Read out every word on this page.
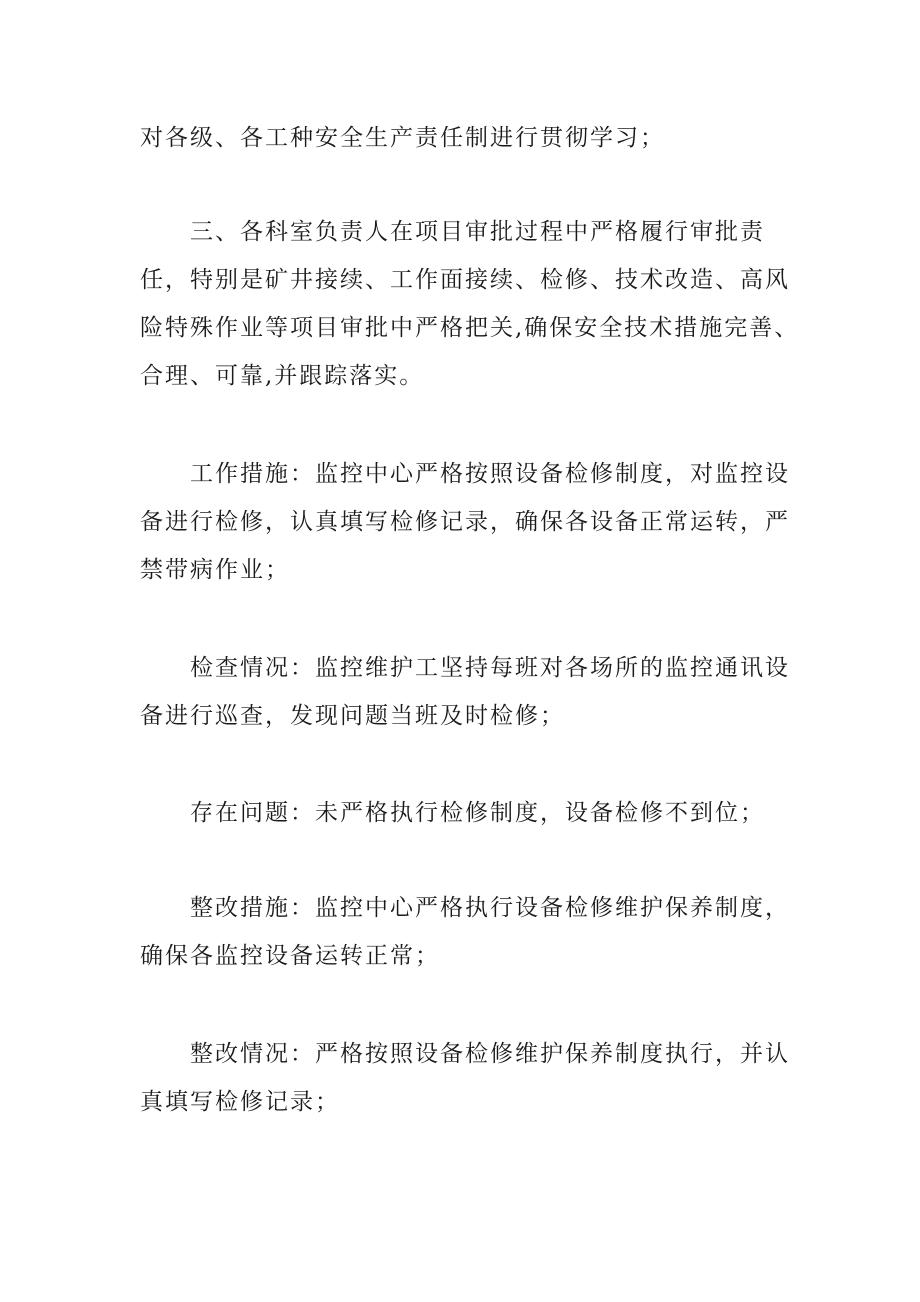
对各级、各工种安全生产责任制进行贯彻学习；

三、各科室负责人在项目审批过程中严格履行审批责任，特别是矿井接续、工作面接续、检修、技术改造、高风险特殊作业等项目审批中严格把关,确保安全技术措施完善、合理、可靠,并跟踪落实。

工作措施：监控中心严格按照设备检修制度，对监控设备进行检修，认真填写检修记录，确保各设备正常运转，严禁带病作业；

检查情况：监控维护工坚持每班对各场所的监控通讯设备进行巡查，发现问题当班及时检修；

存在问题：未严格执行检修制度，设备检修不到位；

整改措施：监控中心严格执行设备检修维护保养制度，确保各监控设备运转正常；

整改情况：严格按照设备检修维护保养制度执行，并认真填写检修记录；
